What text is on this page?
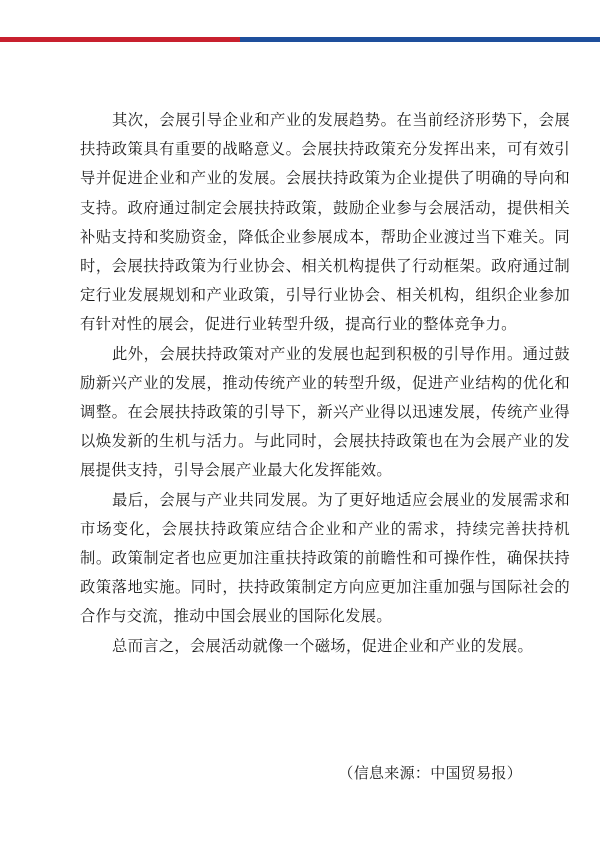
其次，会展引导企业和产业的发展趋势。在当前经济形势下，会展扶持政策具有重要的战略意义。会展扶持政策充分发挥出来，可有效引导并促进企业和产业的发展。会展扶持政策为企业提供了明确的导向和支持。政府通过制定会展扶持政策，鼓励企业参与会展活动，提供相关补贴支持和奖励资金，降低企业参展成本，帮助企业渡过当下难关。同时，会展扶持政策为行业协会、相关机构提供了行动框架。政府通过制定行业发展规划和产业政策，引导行业协会、相关机构，组织企业参加有针对性的展会，促进行业转型升级，提高行业的整体竞争力。

此外，会展扶持政策对产业的发展也起到积极的引导作用。通过鼓励新兴产业的发展，推动传统产业的转型升级，促进产业结构的优化和调整。在会展扶持政策的引导下，新兴产业得以迅速发展，传统产业得以焕发新的生机与活力。与此同时，会展扶持政策也在为会展产业的发展提供支持，引导会展产业最大化发挥能效。

最后，会展与产业共同发展。为了更好地适应会展业的发展需求和市场变化，会展扶持政策应结合企业和产业的需求，持续完善扶持机制。政策制定者也应更加注重扶持政策的前瞻性和可操作性，确保扶持政策落地实施。同时，扶持政策制定方向应更加注重加强与国际社会的合作与交流，推动中国会展业的国际化发展。

总而言之，会展活动就像一个磁场，促进企业和产业的发展。

（信息来源：中国贸易报）
